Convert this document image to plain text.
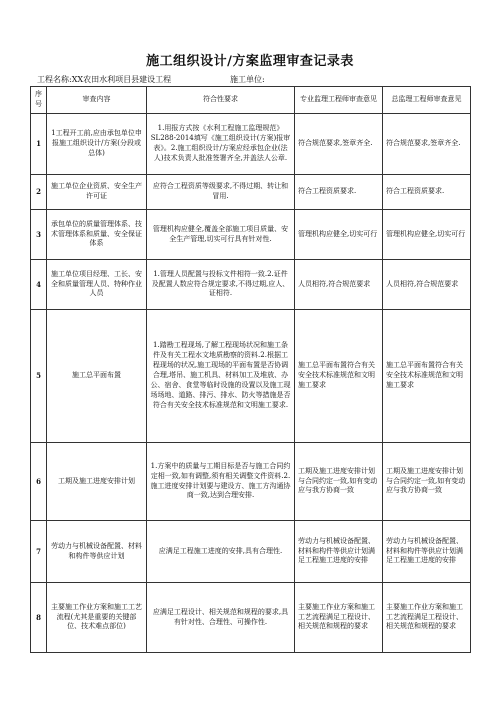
施工组织设计/方案监理审查记录表
工程名称:XX农田水利项目县建设工程	施工单位:
序号	审查内容	符合性要求	专业监理工程师审查意见	总监理工程师审查意见
1	1工程开工前,应由承包单位申报施工组织设计/方案(分段或总体)	1.用报方式按《水利工程施工监理规范》SL288-2014填写《施工组织设计(方案)报审表》。2.施工组织设计/方案应经承包企业(法人)技术负责人批准签署齐全,并盖法人公章.	符合规范要求,签章齐全.	符合规范要求,签章齐全.
2	施工单位企业资质、安全生产许可证	应符合工程资质等级要求,不得过期、转让和冒用.	符合工程资质要求.	符合工程资质要求.
3	承包单位的质量管理体系、技术管理体系和质量、安全保证体系	管理机构应健全,覆盖全部施工项目质量、安全生产管理,切实可行具有针对性.	管理机构应健全,切实可行	管理机构应健全,切实可行
4	施工单位项目经理、工长、安全和质量管理人员、特种作业人员	1.管理人员配置与投标文件相符一致.2.证件及配置人数应符合规定要求,不得过期,应人、证相符.	人员相符,符合规范要求	人员相符,符合规范要求
5	施工总平面布置	1.踏勘工程现场,了解工程现场状况和施工条件及有关工程水文地质勘察的资料.2.根据工程现场的状况,施工现场的平面布置是否协调合理,塔吊、施工机具、材料加工及堆放、办公、宿舍、食堂等临时设施的设置以及施工现场场地、道路、排污、排水、防火等措施是否符合有关安全技术标准规范和文明施工要求.	施工总平面布置符合有关安全技术标准规范和文明施工要求	施工总平面布置符合有关安全技术标准规范和文明施工要求
6	工期及施工进度安排计划	1.方案中的质量与工期目标是否与施工合同约定相一致,如有调整,须有相关调整文件资料.2.施工进度安排计划要与建设方、施工方沟通协商一致,达到合理安排.	工期及施工进度安排计划与合同约定一致,如有变动应与我方协商一致	工期及施工进度安排计划与合同约定一致,如有变动应与我方协商一致
7	劳动力与机械设备配置、材料和构件等供应计划	应满足工程施工进度的安排,具有合理性.	劳动力与机械设备配置、材料和构件等供应计划满足工程施工进度的安排	劳动力与机械设备配置、材料和构件等供应计划满足工程施工进度的安排
8	主要施工作业方案和施工工艺流程(尤其是重要的关键部位、技术难点部位)	应满足工程设计、相关规范和规程的要求,具有针对性、合理性、可操作性.	主要施工作业方案和施工工艺流程满足工程设计、相关规范和规程的要求	主要施工作业方案和施工工艺流程满足工程设计、相关规范和规程的要求
